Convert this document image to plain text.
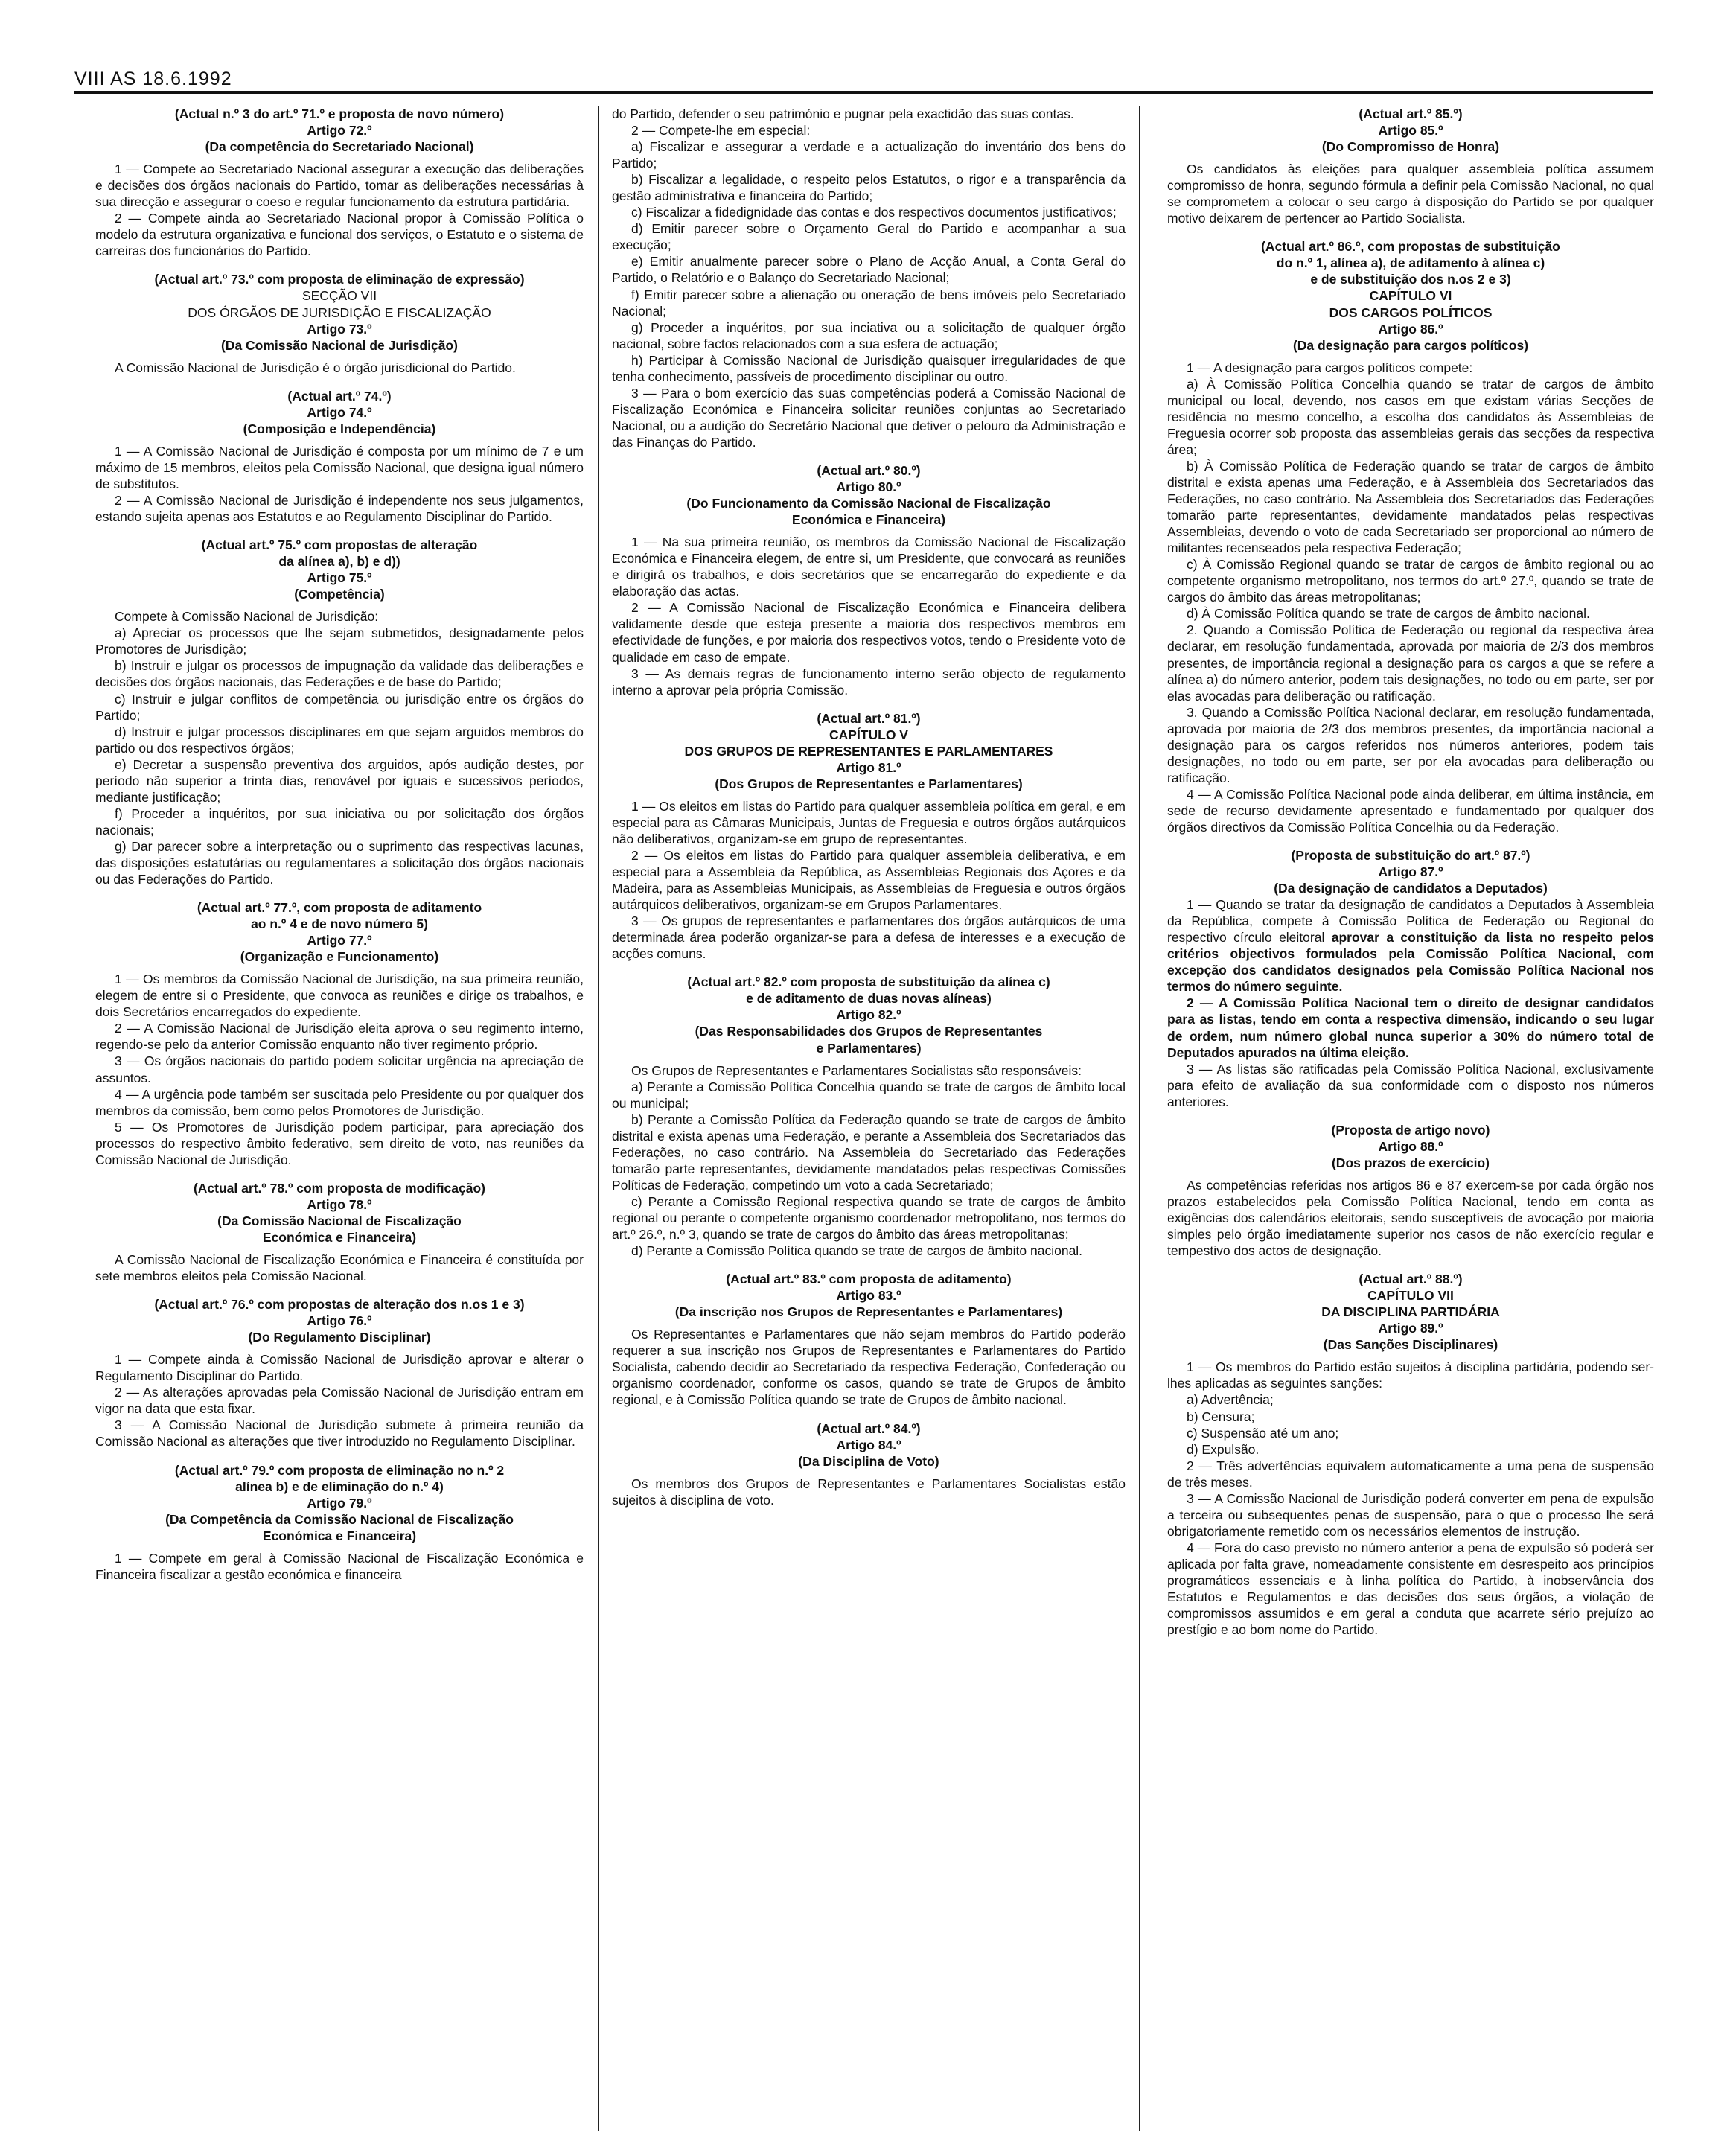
VIII AS 18.6.1992

(Actual n.º 3 do art.º 71.º e proposta de novo número)

Artigo 72.º

(Da competência do Secretariado Nacional)

1 — Compete ao Secretariado Nacional assegurar a execução das deliberações e decisões dos órgãos nacionais do Partido, tomar as deliberações necessárias à sua direcção e assegurar o coeso e regular funcionamento da estrutura partidária.

2 — Compete ainda ao Secretariado Nacional propor à Comissão Política o modelo da estrutura organizativa e funcional dos serviços, o Estatuto e o sistema de carreiras dos funcionários do Partido.

(Actual art.º 73.º com proposta de eliminação de expressão)

SECÇÃO VII

DOS ÓRGÃOS DE JURISDIÇÃO E FISCALIZAÇÃO

Artigo 73.º

(Da Comissão Nacional de Jurisdição)

A Comissão Nacional de Jurisdição é o órgão jurisdicional do Partido.

(Actual art.º 74.º)

Artigo 74.º

(Composição e Independência)

1 — A Comissão Nacional de Jurisdição é composta por um mínimo de 7 e um máximo de 15 membros, eleitos pela Comissão Nacional, que designa igual número de substitutos.

2 — A Comissão Nacional de Jurisdição é independente nos seus julgamentos, estando sujeita apenas aos Estatutos e ao Regulamento Disciplinar do Partido.

(Actual art.º 75.º com propostas de alteração

da alínea a), b) e d))

Artigo 75.º

(Competência)

Compete à Comissão Nacional de Jurisdição:

a) Apreciar os processos que lhe sejam submetidos, designadamente pelos Promotores de Jurisdição;

b) Instruir e julgar os processos de impugnação da validade das deliberações e decisões dos órgãos nacionais, das Federações e de base do Partido;

c) Instruir e julgar conflitos de competência ou jurisdição entre os órgãos do Partido;

d) Instruir e julgar processos disciplinares em que sejam arguidos membros do partido ou dos respectivos órgãos;

e) Decretar a suspensão preventiva dos arguidos, após audição destes, por período não superior a trinta dias, renovável por iguais e sucessivos períodos, mediante justificação;

f) Proceder a inquéritos, por sua iniciativa ou por solicitação dos órgãos nacionais;

g) Dar parecer sobre a interpretação ou o suprimento das respectivas lacunas, das disposições estatutárias ou regulamentares a solicitação dos órgãos nacionais ou das Federações do Partido.

(Actual art.º 77.º, com proposta de aditamento

ao n.º 4 e de novo número 5)

Artigo 77.º

(Organização e Funcionamento)

1 — Os membros da Comissão Nacional de Jurisdição, na sua primeira reunião, elegem de entre si o Presidente, que convoca as reuniões e dirige os trabalhos, e dois Secretários encarregados do expediente.

2 — A Comissão Nacional de Jurisdição eleita aprova o seu regimento interno, regendo-se pelo da anterior Comissão enquanto não tiver regimento próprio.

3 — Os órgãos nacionais do partido podem solicitar urgência na apreciação de assuntos.

4 — A urgência pode também ser suscitada pelo Presidente ou por qualquer dos membros da comissão, bem como pelos Promotores de Jurisdição.

5 — Os Promotores de Jurisdição podem participar, para apreciação dos processos do respectivo âmbito federativo, sem direito de voto, nas reuniões da Comissão Nacional de Jurisdição.

(Actual art.º 78.º com proposta de modificação)

Artigo 78.º

(Da Comissão Nacional de Fiscalização

Económica e Financeira)

A Comissão Nacional de Fiscalização Económica e Financeira é constituída por sete membros eleitos pela Comissão Nacional.

(Actual art.º 76.º com propostas de alteração dos n.os 1 e 3)

Artigo 76.º

(Do Regulamento Disciplinar)

1 — Compete ainda à Comissão Nacional de Jurisdição aprovar e alterar o Regulamento Disciplinar do Partido.

2 — As alterações aprovadas pela Comissão Nacional de Jurisdição entram em vigor na data que esta fixar.

3 — A Comissão Nacional de Jurisdição submete à primeira reunião da Comissão Nacional as alterações que tiver introduzido no Regulamento Disciplinar.

(Actual art.º 79.º com proposta de eliminação no n.º 2

alínea b) e de eliminação do n.º 4)

Artigo 79.º

(Da Competência da Comissão Nacional de Fiscalização

Económica e Financeira)

1 — Compete em geral à Comissão Nacional de Fiscalização Económica e Financeira fiscalizar a gestão económica e financeira

do Partido, defender o seu património e pugnar pela exactidão das suas contas.

2 — Compete-lhe em especial:

a) Fiscalizar e assegurar a verdade e a actualização do inventário dos bens do Partido;

b) Fiscalizar a legalidade, o respeito pelos Estatutos, o rigor e a transparência da gestão administrativa e financeira do Partido;

c) Fiscalizar a fidedignidade das contas e dos respectivos documentos justificativos;

d) Emitir parecer sobre o Orçamento Geral do Partido e acompanhar a sua execução;

e) Emitir anualmente parecer sobre o Plano de Acção Anual, a Conta Geral do Partido, o Relatório e o Balanço do Secretariado Nacional;

f) Emitir parecer sobre a alienação ou oneração de bens imóveis pelo Secretariado Nacional;

g) Proceder a inquéritos, por sua inciativa ou a solicitação de qualquer órgão nacional, sobre factos relacionados com a sua esfera de actuação;

h) Participar à Comissão Nacional de Jurisdição quaisquer irregularidades de que tenha conhecimento, passíveis de procedimento disciplinar ou outro.

3 — Para o bom exercício das suas competências poderá a Comissão Nacional de Fiscalização Económica e Financeira solicitar reuniões conjuntas ao Secretariado Nacional, ou a audição do Secretário Nacional que detiver o pelouro da Administração e das Finanças do Partido.

(Actual art.º 80.º)

Artigo 80.º

(Do Funcionamento da Comissão Nacional de Fiscalização

Económica e Financeira)

1 — Na sua primeira reunião, os membros da Comissão Nacional de Fiscalização Económica e Financeira elegem, de entre si, um Presidente, que convocará as reuniões e dirigirá os trabalhos, e dois secretários que se encarregarão do expediente e da elaboração das actas.

2 — A Comissão Nacional de Fiscalização Económica e Financeira delibera validamente desde que esteja presente a maioria dos respectivos membros em efectividade de funções, e por maioria dos respectivos votos, tendo o Presidente voto de qualidade em caso de empate.

3 — As demais regras de funcionamento interno serão objecto de regulamento interno a aprovar pela própria Comissão.

(Actual art.º 81.º)

CAPÍTULO V

DOS GRUPOS DE REPRESENTANTES E PARLAMENTARES

Artigo 81.º

(Dos Grupos de Representantes e Parlamentares)

1 — Os eleitos em listas do Partido para qualquer assembleia política em geral, e em especial para as Câmaras Municipais, Juntas de Freguesia e outros órgãos autárquicos não deliberativos, organizam-se em grupo de representantes.

2 — Os eleitos em listas do Partido para qualquer assembleia deliberativa, e em especial para a Assembleia da República, as Assembleias Regionais dos Açores e da Madeira, para as Assembleias Municipais, as Assembleias de Freguesia e outros órgãos autárquicos deliberativos, organizam-se em Grupos Parlamentares.

3 — Os grupos de representantes e parlamentares dos órgãos autárquicos de uma determinada área poderão organizar-se para a defesa de interesses e a execução de acções comuns.

(Actual art.º 82.º com proposta de substituição da alínea c)

e de aditamento de duas novas alíneas)

Artigo 82.º

(Das Responsabilidades dos Grupos de Representantes

e Parlamentares)

Os Grupos de Representantes e Parlamentares Socialistas são responsáveis:

a) Perante a Comissão Política Concelhia quando se trate de cargos de âmbito local ou municipal;

b) Perante a Comissão Política da Federação quando se trate de cargos de âmbito distrital e exista apenas uma Federação, e perante a Assembleia dos Secretariados das Federações, no caso contrário. Na Assembleia do Secretariado das Federações tomarão parte representantes, devidamente mandatados pelas respectivas Comissões Políticas de Federação, competindo um voto a cada Secretariado;

c) Perante a Comissão Regional respectiva quando se trate de cargos de âmbito regional ou perante o competente organismo coordenador metropolitano, nos termos do art.º 26.º, n.º 3, quando se trate de cargos do âmbito das áreas metropolitanas;

d) Perante a Comissão Política quando se trate de cargos de âmbito nacional.

(Actual art.º 83.º com proposta de aditamento)

Artigo 83.º

(Da inscrição nos Grupos de Representantes e Parlamentares)

Os Representantes e Parlamentares que não sejam membros do Partido poderão requerer a sua inscrição nos Grupos de Representantes e Parlamentares do Partido Socialista, cabendo decidir ao Secretariado da respectiva Federação, Confederação ou organismo coordenador, conforme os casos, quando se trate de Grupos de âmbito regional, e à Comissão Política quando se trate de Grupos de âmbito nacional.

(Actual art.º 84.º)

Artigo 84.º

(Da Disciplina de Voto)

Os membros dos Grupos de Representantes e Parlamentares Socialistas estão sujeitos à disciplina de voto.

(Actual art.º 85.º)

Artigo 85.º

(Do Compromisso de Honra)

Os candidatos às eleições para qualquer assembleia política assumem compromisso de honra, segundo fórmula a definir pela Comissão Nacional, no qual se comprometem a colocar o seu cargo à disposição do Partido se por qualquer motivo deixarem de pertencer ao Partido Socialista.

(Actual art.º 86.º, com propostas de substituição

do n.º 1, alínea a), de aditamento à alínea c)

e de substituição dos n.os 2 e 3)

CAPÍTULO VI

DOS CARGOS POLÍTICOS

Artigo 86.º

(Da designação para cargos políticos)

1 — A designação para cargos políticos compete:

a) À Comissão Política Concelhia quando se tratar de cargos de âmbito municipal ou local, devendo, nos casos em que existam várias Secções de residência no mesmo concelho, a escolha dos candidatos às Assembleias de Freguesia ocorrer sob proposta das assembleias gerais das secções da respectiva área;

b) À Comissão Política de Federação quando se tratar de cargos de âmbito distrital e exista apenas uma Federação, e à Assembleia dos Secretariados das Federações, no caso contrário. Na Assembleia dos Secretariados das Federações tomarão parte representantes, devidamente mandatados pelas respectivas Assembleias, devendo o voto de cada Secretariado ser proporcional ao número de militantes recenseados pela respectiva Federação;

c) À Comissão Regional quando se tratar de cargos de âmbito regional ou ao competente organismo metropolitano, nos termos do art.º 27.º, quando se trate de cargos do âmbito das áreas metropolitanas;

d) À Comissão Política quando se trate de cargos de âmbito nacional.

2. Quando a Comissão Política de Federação ou regional da respectiva área declarar, em resolução fundamentada, aprovada por maioria de 2/3 dos membros presentes, de importância regional a designação para os cargos a que se refere a alínea a) do número anterior, podem tais designações, no todo ou em parte, ser por elas avocadas para deliberação ou ratificação.

3. Quando a Comissão Política Nacional declarar, em resolução fundamentada, aprovada por maioria de 2/3 dos membros presentes, da importância nacional a designação para os cargos referidos nos números anteriores, podem tais designações, no todo ou em parte, ser por ela avocadas para deliberação ou ratificação.

4 — A Comissão Política Nacional pode ainda deliberar, em última instância, em sede de recurso devidamente apresentado e fundamentado por qualquer dos órgãos directivos da Comissão Política Concelhia ou da Federação.

(Proposta de substituição do art.º 87.º)

Artigo 87.º

(Da designação de candidatos a Deputados)

1 — Quando se tratar da designação de candidatos a Deputados à Assembleia da República, compete à Comissão Política de Federação ou Regional do respectivo círculo eleitoral aprovar a constituição da lista no respeito pelos critérios objectivos formulados pela Comissão Política Nacional, com excepção dos candidatos designados pela Comissão Política Nacional nos termos do número seguinte.

2 — A Comissão Política Nacional tem o direito de designar candidatos para as listas, tendo em conta a respectiva dimensão, indicando o seu lugar de ordem, num número global nunca superior a 30% do número total de Deputados apurados na última eleição.

3 — As listas são ratificadas pela Comissão Política Nacional, exclusivamente para efeito de avaliação da sua conformidade com o disposto nos números anteriores.

(Proposta de artigo novo)

Artigo 88.º

(Dos prazos de exercício)

As competências referidas nos artigos 86 e 87 exercem-se por cada órgão nos prazos estabelecidos pela Comissão Política Nacional, tendo em conta as exigências dos calendários eleitorais, sendo susceptíveis de avocação por maioria simples pelo órgão imediatamente superior nos casos de não exercício regular e tempestivo dos actos de designação.

(Actual art.º 88.º)

CAPÍTULO VII

DA DISCIPLINA PARTIDÁRIA

Artigo 89.º

(Das Sanções Disciplinares)

1 — Os membros do Partido estão sujeitos à disciplina partidária, podendo ser-lhes aplicadas as seguintes sanções:

a) Advertência;

b) Censura;

c) Suspensão até um ano;

d) Expulsão.

2 — Três advertências equivalem automaticamente a uma pena de suspensão de três meses.

3 — A Comissão Nacional de Jurisdição poderá converter em pena de expulsão a terceira ou subsequentes penas de suspensão, para o que o processo lhe será obrigatoriamente remetido com os necessários elementos de instrução.

4 — Fora do caso previsto no número anterior a pena de expulsão só poderá ser aplicada por falta grave, nomeadamente consistente em desrespeito aos princípios programáticos essenciais e à linha política do Partido, à inobservância dos Estatutos e Regulamentos e das decisões dos seus órgãos, a violação de compromissos assumidos e em geral a conduta que acarrete sério prejuízo ao prestígio e ao bom nome do Partido.
